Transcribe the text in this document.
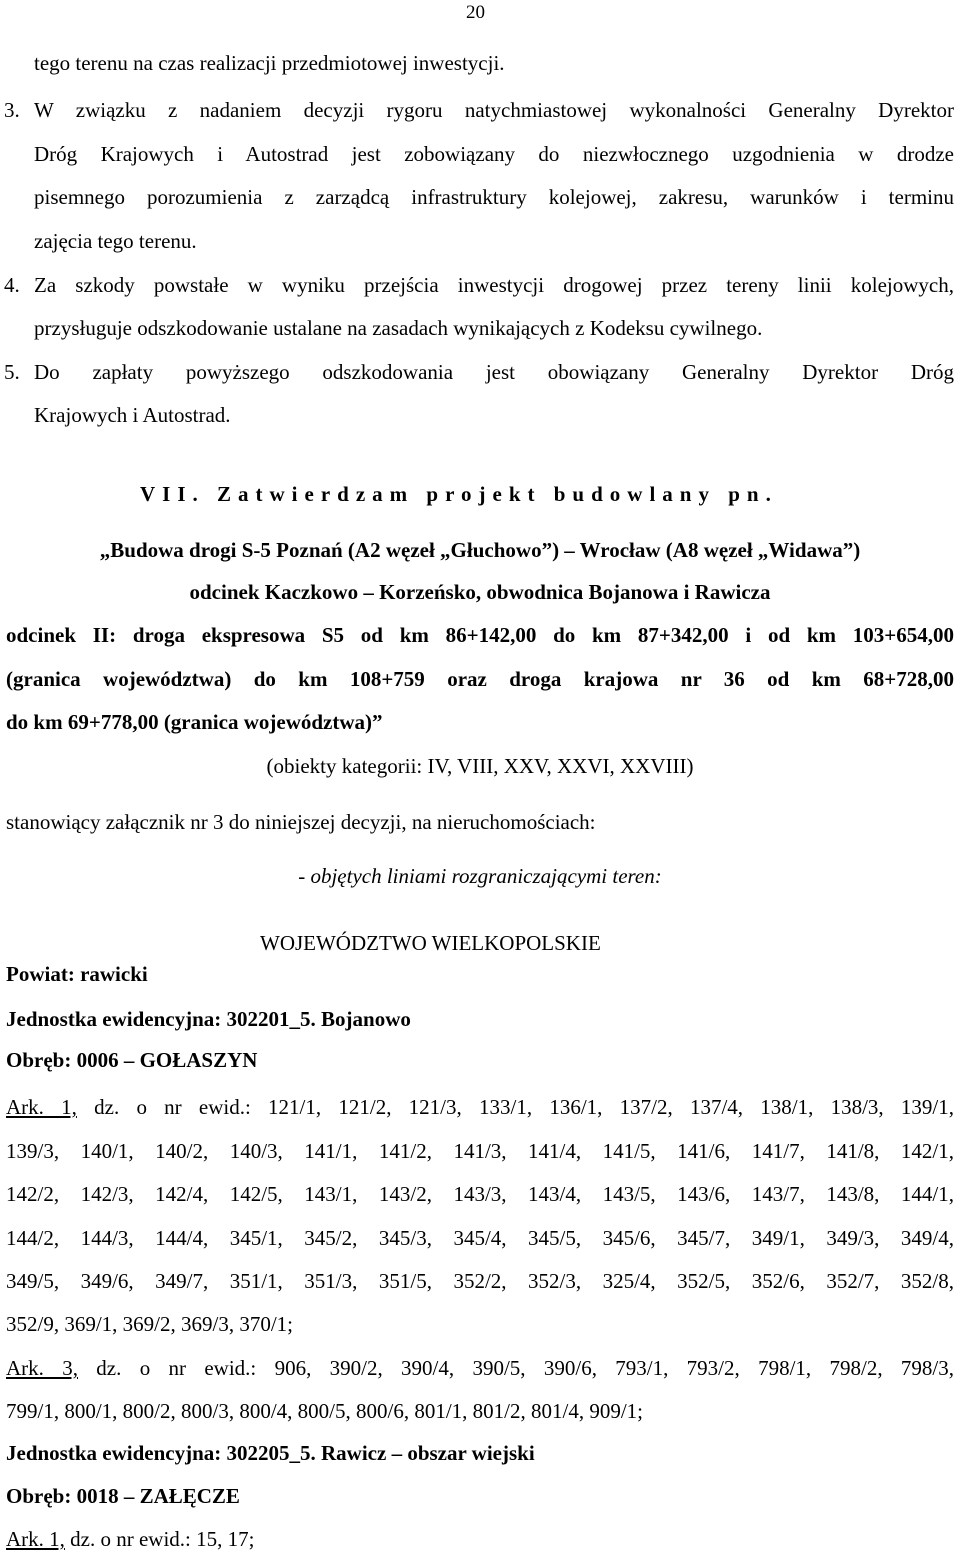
20
tego terenu na czas realizacji przedmiotowej inwestycji.
3. W związku z nadaniem decyzji rygoru natychmiastowej wykonalności Generalny Dyrektor
Dróg Krajowych i Autostrad jest zobowiązany do niezwłocznego uzgodnienia w drodze
pisemnego porozumienia z zarządcą infrastruktury kolejowej, zakresu, warunków i terminu
zajęcia tego terenu.
4. Za szkody powstałe w wyniku przejścia inwestycji drogowej przez tereny linii kolejowych,
przysługuje odszkodowanie ustalane na zasadach wynikających z Kodeksu cywilnego.
5. Do zapłaty powyższego odszkodowania jest obowiązany Generalny Dyrektor Dróg
Krajowych i Autostrad.
VII. Zatwierdzam projekt budowlany pn.
„Budowa drogi S-5 Poznań (A2 węzeł „Głuchowo”) – Wrocław (A8 węzeł „Widawa”)
odcinek Kaczkowo – Korzeńsko, obwodnica Bojanowa i Rawicza
odcinek II: droga ekspresowa S5 od km 86+142,00 do km 87+342,00 i od km 103+654,00
(granica województwa) do km 108+759 oraz droga krajowa nr 36 od km 68+728,00
do km 69+778,00 (granica województwa)”
(obiekty kategorii: IV, VIII, XXV, XXVI, XXVIII)
stanowiący załącznik nr 3 do niniejszej decyzji, na nieruchomościach:
- objętych liniami rozgraniczającymi teren:
WOJEWÓDZTWO WIELKOPOLSKIE
Powiat: rawicki
Jednostka ewidencyjna: 302201_5. Bojanowo
Obręb: 0006 – GOŁASZYN
Ark. 1, dz. o nr ewid.: 121/1, 121/2, 121/3, 133/1, 136/1, 137/2, 137/4, 138/1, 138/3, 139/1,
139/3, 140/1, 140/2, 140/3, 141/1, 141/2, 141/3, 141/4, 141/5, 141/6, 141/7, 141/8, 142/1,
142/2, 142/3, 142/4, 142/5, 143/1, 143/2, 143/3, 143/4, 143/5, 143/6, 143/7, 143/8, 144/1,
144/2, 144/3, 144/4, 345/1, 345/2, 345/3, 345/4, 345/5, 345/6, 345/7, 349/1, 349/3, 349/4,
349/5, 349/6, 349/7, 351/1, 351/3, 351/5, 352/2, 352/3, 325/4, 352/5, 352/6, 352/7, 352/8,
352/9, 369/1, 369/2, 369/3, 370/1;
Ark. 3, dz. o nr ewid.: 906, 390/2, 390/4, 390/5, 390/6, 793/1, 793/2, 798/1, 798/2, 798/3,
799/1, 800/1, 800/2, 800/3, 800/4, 800/5, 800/6, 801/1, 801/2, 801/4, 909/1;
Jednostka ewidencyjna: 302205_5. Rawicz – obszar wiejski
Obręb: 0018 – ZAŁĘCZE
Ark. 1, dz. o nr ewid.: 15, 17;
